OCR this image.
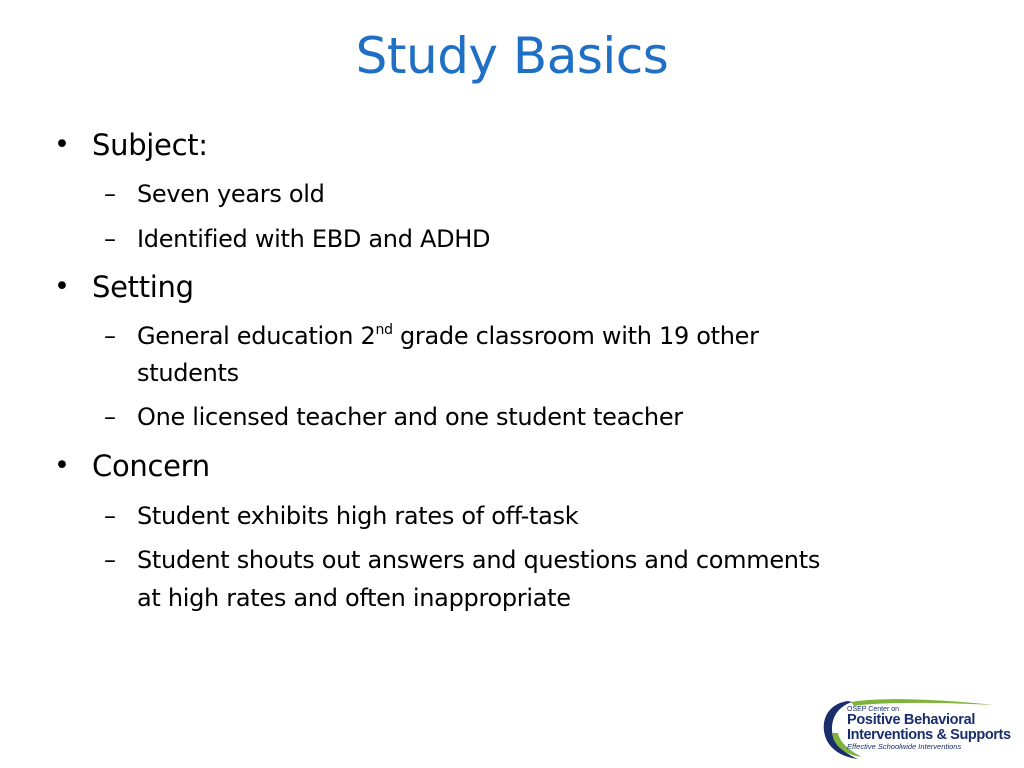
Study Basics
• Subject:
– Seven years old
– Identified with EBD and ADHD
• Setting
– General education 2nd grade classroom with 19 other
students
– One licensed teacher and one student teacher
• Concern
– Student exhibits high rates of off-task
– Student shouts out answers and questions and comments
at high rates and often inappropriate
OSEP Center on
Positive Behavioral
Interventions & Supports
Effective Schoolwide Interventions
